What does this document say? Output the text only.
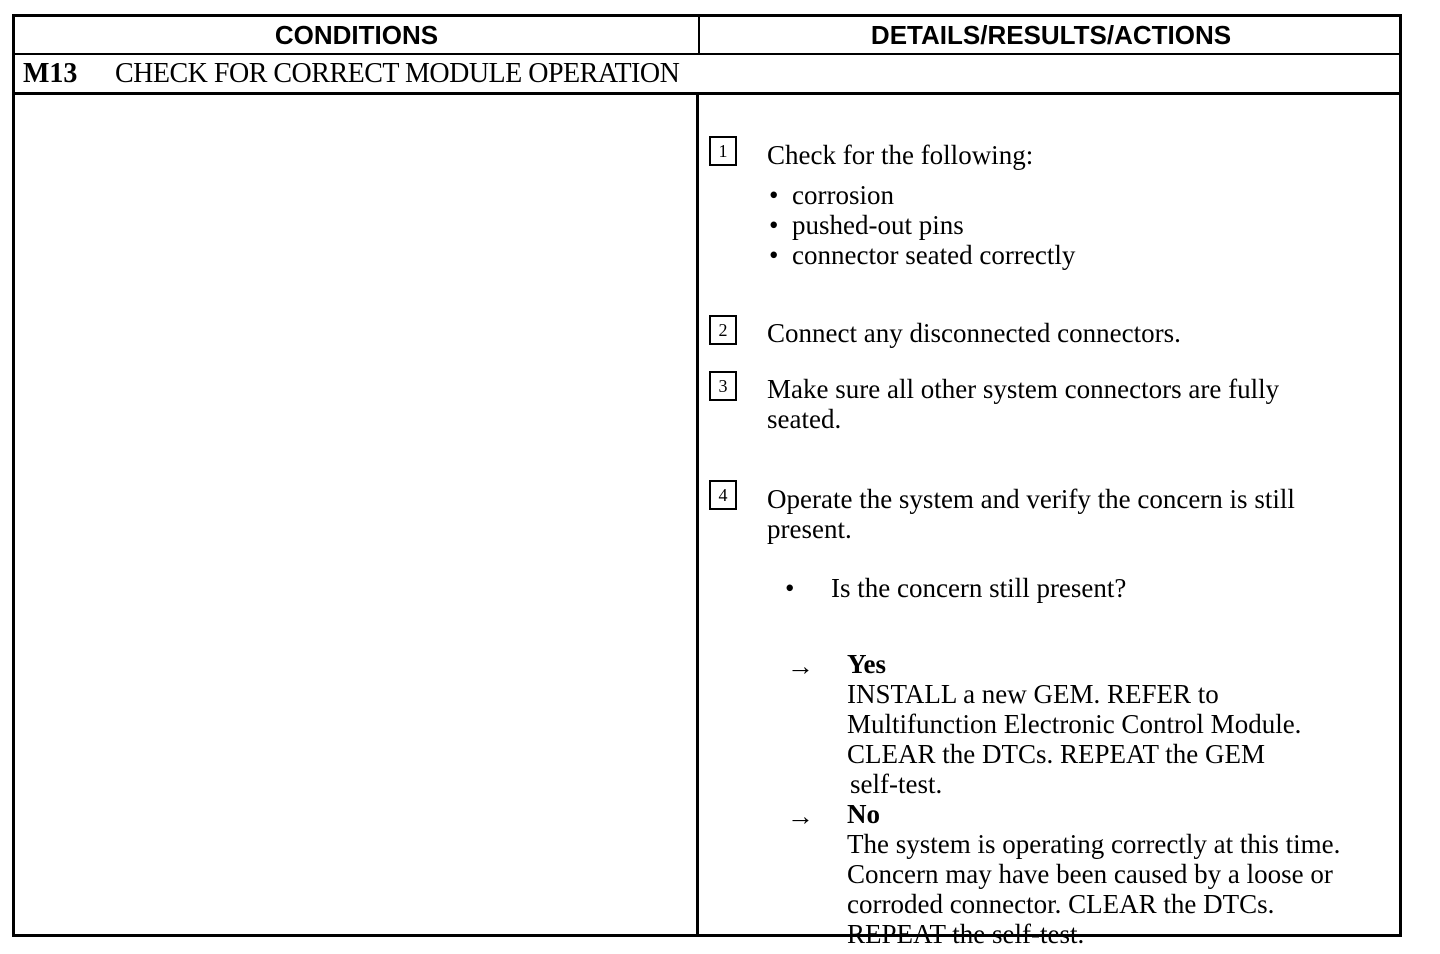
CONDITIONS	DETAILS/RESULTS/ACTIONS
M13 CHECK FOR CORRECT MODULE OPERATION
1	Check for the following:
• corrosion
• pushed-out pins
• connector seated correctly
2	Connect any disconnected connectors.
3	Make sure all other system connectors are fully
seated.
4	Operate the system and verify the concern is still
present.
• Is the concern still present?
→ Yes
INSTALL a new GEM. REFER to
Multifunction Electronic Control Module.
CLEAR the DTCs. REPEAT the GEM
self-test.
→ No
The system is operating correctly at this time.
Concern may have been caused by a loose or
corroded connector. CLEAR the DTCs.
REPEAT the self-test.
